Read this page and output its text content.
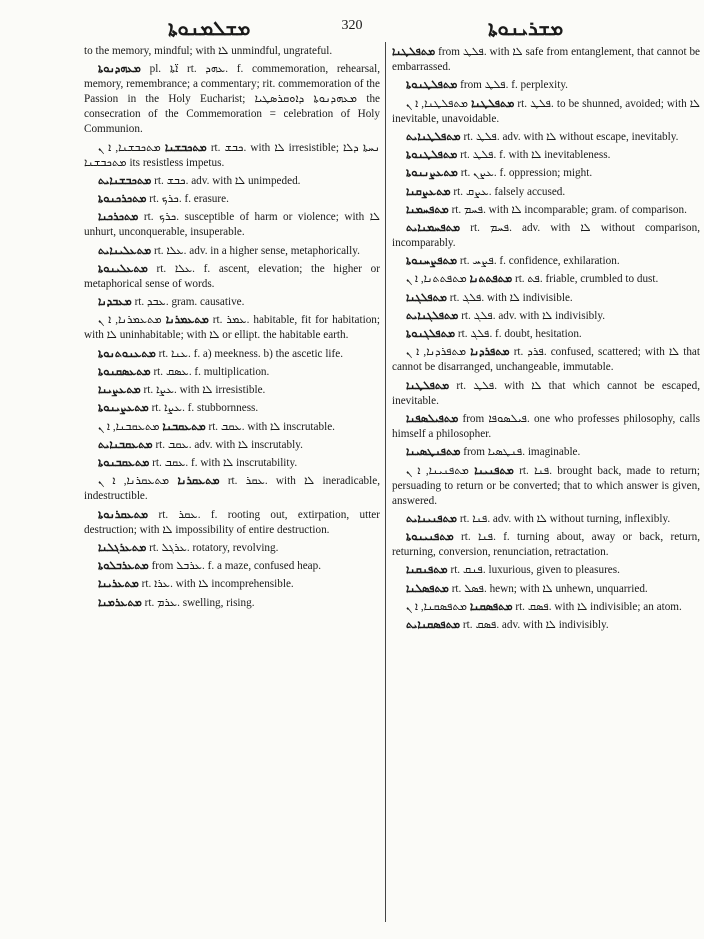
ܡܫܠܡܢܘܬܐ	320	ܡܫܪܝܢܘܬܐ

to the memory, mindful; with ܠܐ unmindful, ungrateful.

ܡܥܗܕܢܘܬܐ pl. ܐ̈ܬܐ rt. ܥܗܕ. f. commemoration, rehearsal, memory, remembrance; a commentary; rit. commemoration of the Passion in the Holy Eucharist; ܡܥܗܕܢܘܬܐ ܕܐܘܩܪܣܛܝܐ the consecration of the Commemoration = celebration of Holy Communion.

ܡܬܟܒܫܢܐ ܡܬܟܒܫܢܐ, ܐ ܢ rt. ܟܒܫ. with ܠܐ irresistible; ܢܚܬܐ ܕܠܐ ܡܬܟܒܫܢܐ its resistless impetus.

ܡܬܟܒܫܢܐܝܬ rt. ܟܒܫ. adv. with ܠܐ unimpeded.

ܡܬܟܪܟܢܘܬܐ rt. ܟܪܟ. f. erasure.

ܡܬܟܪܟܢܐ rt. ܟܪܟ. susceptible of harm or violence; with ܠܐ unhurt, unconquerable, insuperable.

ܡܬܥܠܝܢܐܝܬ rt. ܥܠܐ. adv. in a higher sense, metaphorically.

ܡܬܥܠܝܢܘܬܐ rt. ܥܠܐ. f. ascent, elevation; the higher or metaphorical sense of words.

ܡܥܒܕܢܐ rt. ܥܒܕ. gram. causative.

ܡܬܥܡܪܢܐ ܡܬܥܡܪܢܐ, ܐ ܢ rt. ܥܡܪ. habitable, fit for habitation; with ܠܐ uninhabitable; with ܠܐ or ellipt. the habitable earth.

ܡܬܥܢܘܬܢܘܬܐ rt. ܥܢܐ. f. a) meekness. b) the ascetic life.

ܡܬܥܣܩܢܘܬܐ rt. ܥܣܩ. f. multiplication.

ܡܬܥܨܝܢܐ rt. ܥܨܐ. with ܠܐ irresistible.

ܡܬܥܨܝܢܘܬܐ rt. ܥܨܐ. f. stubbornness.

ܡܬܥܩܒܢܐ ܡܬܥܩܒܢܐ, ܐ ܢ rt. ܥܩܒ. with ܠܐ inscrutable.

ܡܬܥܩܒܢܐܝܬ rt. ܥܩܒ. adv. with ܠܐ inscrutably.

ܡܬܥܩܒܢܘܬܐ rt. ܥܩܒ. f. with ܠܐ inscrutability.

ܡܬܥܩܪܢܐ ܡܬܥܩܪܢܐ, ܐ ܢ rt. ܥܩܪ. with ܠܐ ineradicable, indestructible.

ܡܬܥܩܪܢܘܬܐ rt. ܥܩܪ. f. rooting out, extirpation, utter destruction; with ܠܐ impossibility of entire destruction.

ܡܬܥܪܓܠܢܐ rt. ܥܪܓܠ. rotatory, revolving.

ܡܬܥܪܒܠܘܬܐ from ܥܪܒܠ. f. a maze, confused heap.

ܡܬܥܪܝܢܐ rt. ܥܪܐ. with ܠܐ incomprehensible.

ܡܬܥܪܡܢܐ rt. ܥܪܡ. swelling, rising.

ܡܬܦܠܛܢܐ from ܦܠܛ. with ܠܐ safe from entanglement, that cannot be embarrassed.

ܡܬܦܠܛܢܘܬܐ from ܦܠܛ. f. perplexity.

ܡܬܦܠܛܢܐ ܡܬܦܠܛܢܐ, ܐ ܢ rt. ܦܠܛ. to be shunned, avoided; with ܠܐ inevitable, unavoidable.

ܡܬܦܠܛܢܐܝܬ rt. ܦܠܛ. adv. with ܠܐ without escape, inevitably.

ܡܬܦܠܛܢܘܬܐ rt. ܦܠܛ. f. with ܠܐ inevitableness.

ܡܬܥܨܢܢܘܬܐ rt. ܥܨܢ. f. oppression; might.

ܡܬܥܨܩܢܐ rt. ܥܨܩ. falsely accused.

ܡܬܦܚܡܢܐ rt. ܦܚܡ. with ܠܐ incomparable; gram. of comparison.

ܡܬܦܚܡܢܐܝܬ rt. ܦܚܡ. adv. with ܠܐ without comparison, incomparably.

ܡܬܦܨܚܢܘܬܐ rt. ܦܨܚ. f. confidence, exhilaration.

ܡܬܦܬܬܢܐ ܡܬܦܬܬܢܐ, ܐ ܢ rt. ܦܬ. friable, crumbled to dust.

ܡܬܦܠܓܢܐ rt. ܦܠܓ. with ܠܐ indivisible.

ܡܬܦܠܓܢܐܝܬ rt. ܦܠܓ. adv. with ܠܐ indivisibly.

ܡܬܦܠܓܢܘܬܐ rt. ܦܠܓ. f. doubt, hesitation.

ܡܬܦܪܕܢܐ ܡܬܦܪܕܢܐ, ܐ ܢ rt. ܦܪܕ. confused, scattered; with ܠܐ that cannot be disarranged, unchangeable, immutable.

ܡܬܦܠܛܢܐ rt. ܦܠܛ. with ܠܐ that which cannot be escaped, inevitable.

ܡܬܦܝܠܣܦܢܐ from ܦܝܠܣܘܦܐ. one who professes philosophy, calls himself a philosopher.

ܡܬܦܢܛܣܝܢܐ from ܦܢܛܣܝܐ. imaginable.

ܡܬܦܢܝܢܐ ܡܬܦܢܝܢܐ, ܐ ܢ rt. ܦܢܐ. brought back, made to return; persuading to return or be converted; that to which answer is given, answered.

ܡܬܦܢܝܢܐܝܬ rt. ܦܢܐ. adv. with ܠܐ without turning, inflexibly.

ܡܬܦܢܝܢܘܬܐ rt. ܦܢܐ. f. turning about, away or back, return, returning, conversion, renunciation, retractation.

ܡܬܦܢܩܢܐ rt. ܦܢܩ. luxurious, given to pleasures.

ܡܬܦܣܠܢܐ rt. ܦܣܠ. hewn; with ܠܐ unhewn, unquarried.

ܡܬܦܣܩܢܐ ܡܬܦܣܩܢܐ, ܐ ܢ rt. ܦܣܩ. with ܠܐ indivisible; an atom.

ܡܬܦܣܩܢܐܝܬ rt. ܦܣܩ. adv. with ܠܐ indivisibly.
